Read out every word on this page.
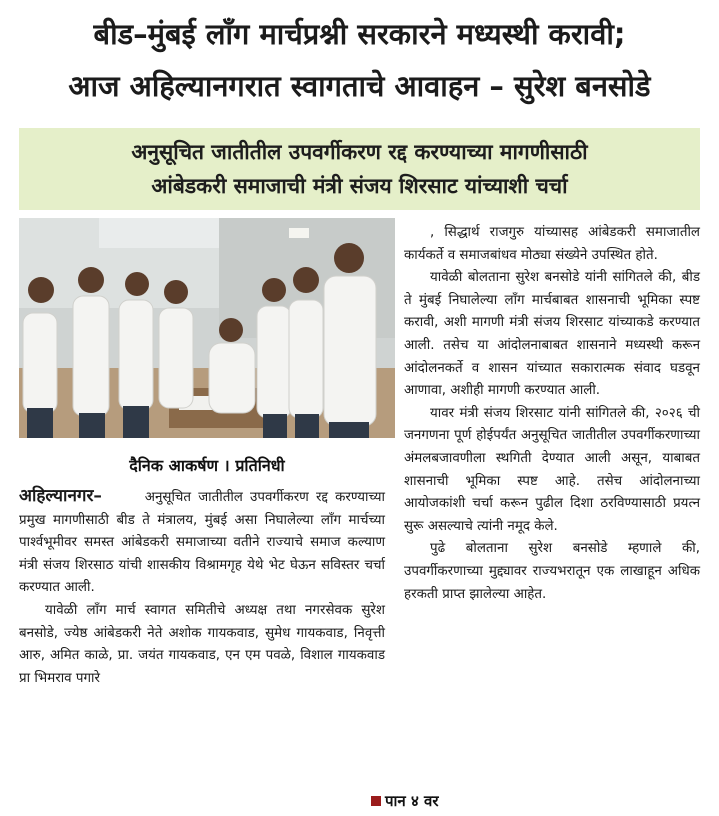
बीड–मुंबई लाँग मार्चप्रश्नी सरकारने मध्यस्थी करावी;
आज अहिल्यानगरात स्वागताचे आवाहन – सुरेश बनसोडे
अनुसूचित जातीतील उपवर्गीकरण रद्द करण्याच्या मागणीसाठी
आंबेडकरी समाजाची मंत्री संजय शिरसाट यांच्याशी चर्चा
दैनिक आकर्षण । प्रतिनिधी

अहिल्यानगर–	अनुसूचित जातीतील उपवर्गीकरण रद्द करण्याच्या प्रमुख मागणीसाठी बीड ते मंत्रालय, मुंबई असा निघालेल्या लाँग मार्चच्या पार्श्वभूमीवर समस्त आंबेडकरी समाजाच्या वतीने राज्याचे समाज कल्याण मंत्री संजय शिरसाठ यांची शासकीय विश्रामगृह येथे भेट घेऊन सविस्तर चर्चा करण्यात आली.

यावेळी लाँग मार्च स्वागत समितीचे अध्यक्ष तथा नगरसेवक सुरेश बनसोडे, ज्येष्ठ आंबेडकरी नेते अशोक गायकवाड, सुमेध गायकवाड, निवृत्ती आरु, अमित काळे, प्रा. जयंत गायकवाड, एन एम पवळे, विशाल गायकवाड प्रा भिमराव पगारे

, सिद्धार्थ राजगुरु यांच्यासह आंबेडकरी समाजातील कार्यकर्ते व समाजबांधव मोठ्या संख्येने उपस्थित होते.

यावेळी बोलताना सुरेश बनसोडे यांनी सांगितले की, बीड ते मुंबई निघालेल्या लाँग मार्चबाबत शासनाची भूमिका स्पष्ट करावी, अशी मागणी मंत्री संजय शिरसाट यांच्याकडे करण्यात आली. तसेच या आंदोलनाबाबत शासनाने मध्यस्थी करून आंदोलनकर्ते व शासन यांच्यात सकारात्मक संवाद घडवून आणावा, अशीही मागणी करण्यात आली.

यावर मंत्री संजय शिरसाट यांनी सांगितले की, २०२६ ची जनगणना पूर्ण होईपर्यंत अनुसूचित जातीतील उपवर्गीकरणाच्या अंमलबजावणीला स्थगिती देण्यात आली असून, याबाबत शासनाची भूमिका स्पष्ट आहे. तसेच आंदोलनाच्या आयोजकांशी चर्चा करून पुढील दिशा ठरविण्यासाठी प्रयत्न सुरू असल्याचे त्यांनी नमूद केले.

पुढे बोलताना सुरेश बनसोडे म्हणाले की, उपवर्गीकरणाच्या मुद्द्यावर राज्यभरातून एक लाखाहून अधिक हरकती प्राप्त झालेल्या आहेत.

पान ४ वर
